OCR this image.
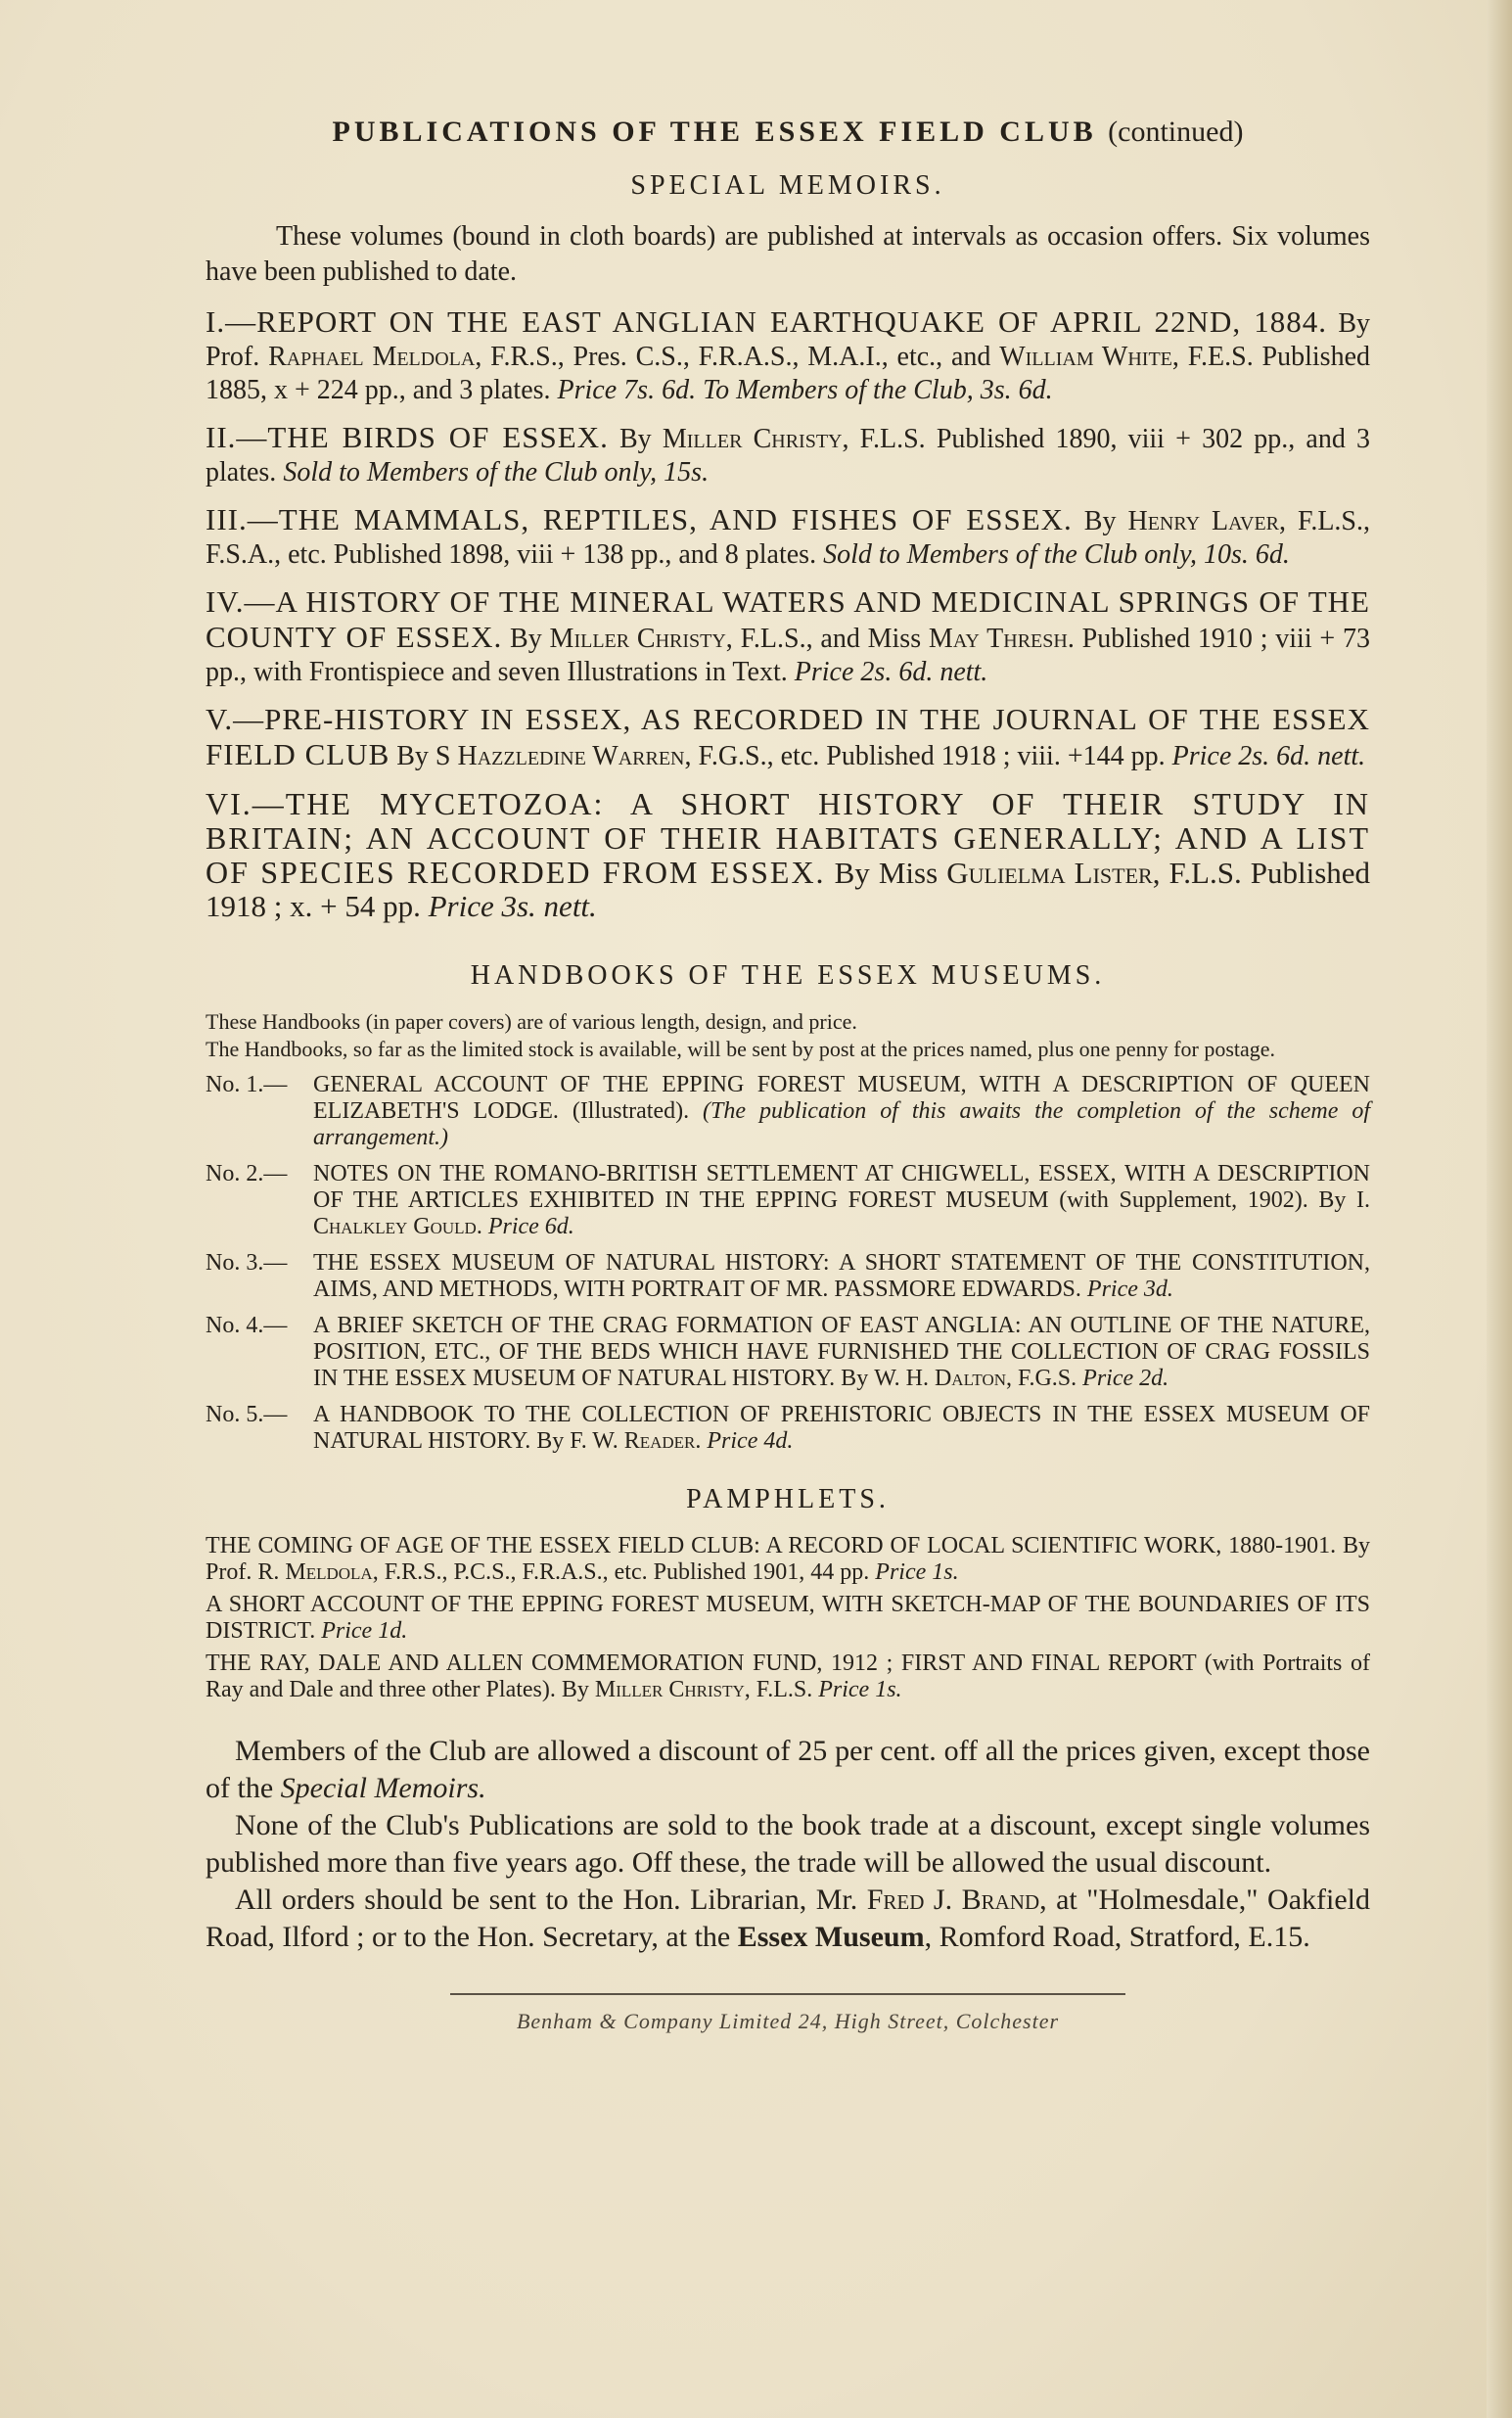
PUBLICATIONS OF THE ESSEX FIELD CLUB (continued)
SPECIAL MEMOIRS.

These volumes (bound in cloth boards) are published at intervals as occasion offers. Six volumes have been published to date.

I.—REPORT ON THE EAST ANGLIAN EARTHQUAKE OF APRIL 22ND, 1884. By Prof. Raphael Meldola, F.R.S., Pres. C.S., F.R.A.S., M.A.I., etc., and William White, F.E.S. Published 1885, x + 224 pp., and 3 plates. Price 7s. 6d. To Members of the Club, 3s. 6d.

II.—THE BIRDS OF ESSEX. By Miller Christy, F.L.S. Published 1890, viii + 302 pp., and 3 plates. Sold to Members of the Club only, 15s.

III.—THE MAMMALS, REPTILES, AND FISHES OF ESSEX. By Henry Laver, F.L.S., F.S.A., etc. Published 1898, viii + 138 pp., and 8 plates. Sold to Members of the Club only, 10s. 6d.

IV.—A HISTORY OF THE MINERAL WATERS AND MEDICINAL SPRINGS OF THE COUNTY OF ESSEX. By Miller Christy, F.L.S., and Miss May Thresh. Published 1910 ; viii + 73 pp., with Frontispiece and seven Illustrations in Text. Price 2s. 6d. nett.

V.—PRE-HISTORY IN ESSEX, AS RECORDED IN THE JOURNAL OF THE ESSEX FIELD CLUB By S Hazzledine Warren, F.G.S., etc. Published 1918 ; viii. +144 pp. Price 2s. 6d. nett.

VI.—THE MYCETOZOA: A SHORT HISTORY OF THEIR STUDY IN BRITAIN; AN ACCOUNT OF THEIR HABITATS GENERALLY; AND A LIST OF SPECIES RECORDED FROM ESSEX. By Miss Gulielma Lister, F.L.S. Published 1918 ; x. + 54 pp. Price 3s. nett.

HANDBOOKS OF THE ESSEX MUSEUMS.

These Handbooks (in paper covers) are of various length, design, and price.

The Handbooks, so far as the limited stock is available, will be sent by post at the prices named, plus one penny for postage.

No. 1.—	GENERAL ACCOUNT OF THE EPPING FOREST MUSEUM, WITH A DESCRIPTION OF QUEEN ELIZABETH'S LODGE. (Illustrated). (The publication of this awaits the completion of the scheme of arrangement.)
No. 2.—	NOTES ON THE ROMANO-BRITISH SETTLEMENT AT CHIGWELL, ESSEX, WITH A DESCRIPTION OF THE ARTICLES EXHIBITED IN THE EPPING FOREST MUSEUM (with Supplement, 1902). By I. Chalkley Gould. Price 6d.
No. 3.—	THE ESSEX MUSEUM OF NATURAL HISTORY: A SHORT STATEMENT OF THE CONSTITUTION, AIMS, AND METHODS, WITH PORTRAIT OF MR. PASSMORE EDWARDS. Price 3d.
No. 4.—	A BRIEF SKETCH OF THE CRAG FORMATION OF EAST ANGLIA: AN OUTLINE OF THE NATURE, POSITION, ETC., OF THE BEDS WHICH HAVE FURNISHED THE COLLECTION OF CRAG FOSSILS IN THE ESSEX MUSEUM OF NATURAL HISTORY. By W. H. Dalton, F.G.S. Price 2d.
No. 5.—	A HANDBOOK TO THE COLLECTION OF PREHISTORIC OBJECTS IN THE ESSEX MUSEUM OF NATURAL HISTORY. By F. W. Reader. Price 4d.
PAMPHLETS.

THE COMING OF AGE OF THE ESSEX FIELD CLUB: A RECORD OF LOCAL SCIENTIFIC WORK, 1880-1901. By Prof. R. Meldola, F.R.S., P.C.S., F.R.A.S., etc. Published 1901, 44 pp. Price 1s.

A SHORT ACCOUNT OF THE EPPING FOREST MUSEUM, WITH SKETCH-MAP OF THE BOUNDARIES OF ITS DISTRICT. Price 1d.

THE RAY, DALE AND ALLEN COMMEMORATION FUND, 1912 ; FIRST AND FINAL REPORT (with Portraits of Ray and Dale and three other Plates). By Miller Christy, F.L.S. Price 1s.

Members of the Club are allowed a discount of 25 per cent. off all the prices given, except those of the Special Memoirs.

None of the Club's Publications are sold to the book trade at a discount, except single volumes published more than five years ago. Off these, the trade will be allowed the usual discount.

All orders should be sent to the Hon. Librarian, Mr. Fred J. Brand, at "Holmesdale," Oakfield Road, Ilford ; or to the Hon. Secretary, at the Essex Museum, Romford Road, Stratford, E.15.

Benham & Company Limited 24, High Street, Colchester
